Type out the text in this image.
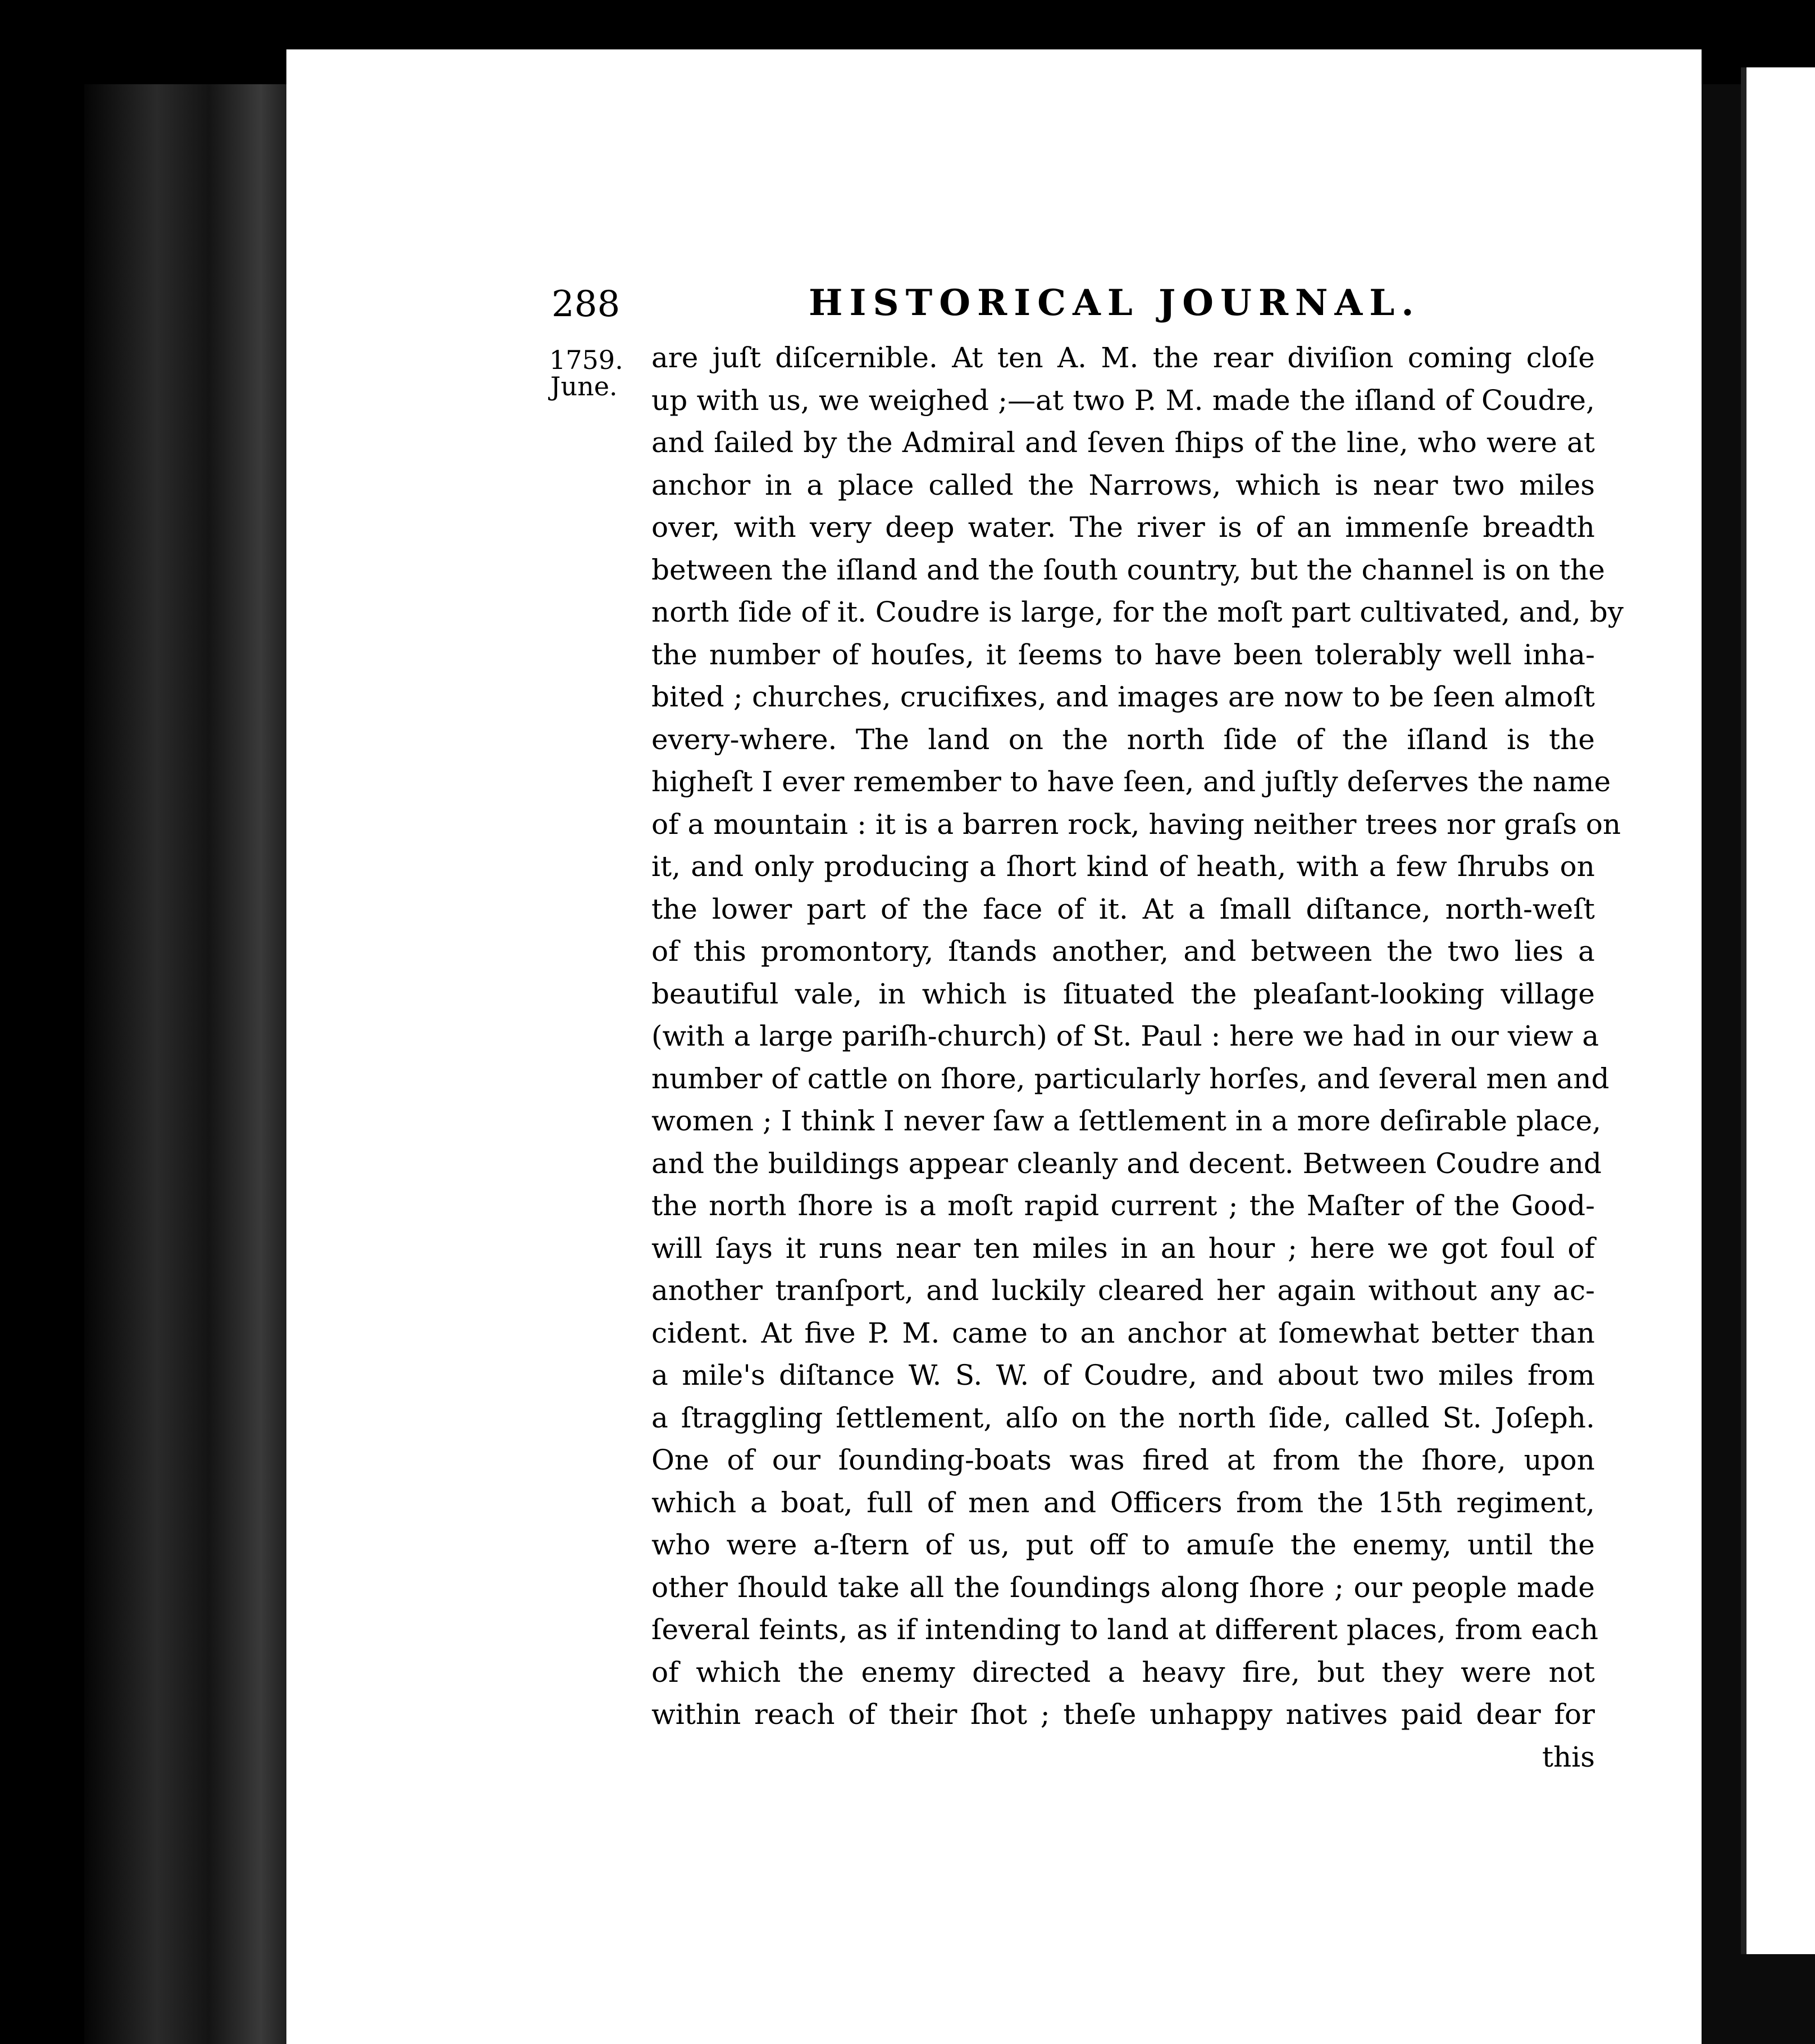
288	HISTORICAL JOURNAL.
1759.
June.
are juſt diſcernible. At ten A. M. the rear diviſion coming cloſe
up with us, we weighed ;—at two P. M. made the iſland of Coudre,
and ſailed by the Admiral and ſeven ſhips of the line, who were at
anchor in a place called the Narrows, which is near two miles
over, with very deep water. The river is of an immenſe breadth
between the iſland and the ſouth country, but the channel is on the
north ſide of it. Coudre is large, for the moſt part cultivated, and, by
the number of houſes, it ſeems to have been tolerably well inha-
bited ; churches, crucifixes, and images are now to be ſeen almoſt
every-where. The land on the north ſide of the iſland is the
higheſt I ever remember to have ſeen, and juſtly deſerves the name
of a mountain : it is a barren rock, having neither trees nor graſs on
it, and only producing a ſhort kind of heath, with a few ſhrubs on
the lower part of the face of it. At a ſmall diſtance, north-weſt
of this promontory, ſtands another, and between the two lies a
beautiful vale, in which is ſituated the pleaſant-looking village
(with a large pariſh-church) of St. Paul : here we had in our view a
number of cattle on ſhore, particularly horſes, and ſeveral men and
women ; I think I never ſaw a ſettlement in a more deſirable place,
and the buildings appear cleanly and decent. Between Coudre and
the north ſhore is a moſt rapid current ; the Maſter of the Good-
will ſays it runs near ten miles in an hour ; here we got foul of
another tranſport, and luckily cleared her again without any ac-
cident. At five P. M. came to an anchor at ſomewhat better than
a mile's diſtance W. S. W. of Coudre, and about two miles from
a ſtraggling ſettlement, alſo on the north ſide, called St. Joſeph.
One of our ſounding-boats was fired at from the ſhore, upon
which a boat, full of men and Officers from the 15th regiment,
who were a-ſtern of us, put off to amuſe the enemy, until the
other ſhould take all the ſoundings along ſhore ; our people made
ſeveral feints, as if intending to land at different places, from each
of which the enemy directed a heavy fire, but they were not
within reach of their ſhot ; theſe unhappy natives paid dear for
this
